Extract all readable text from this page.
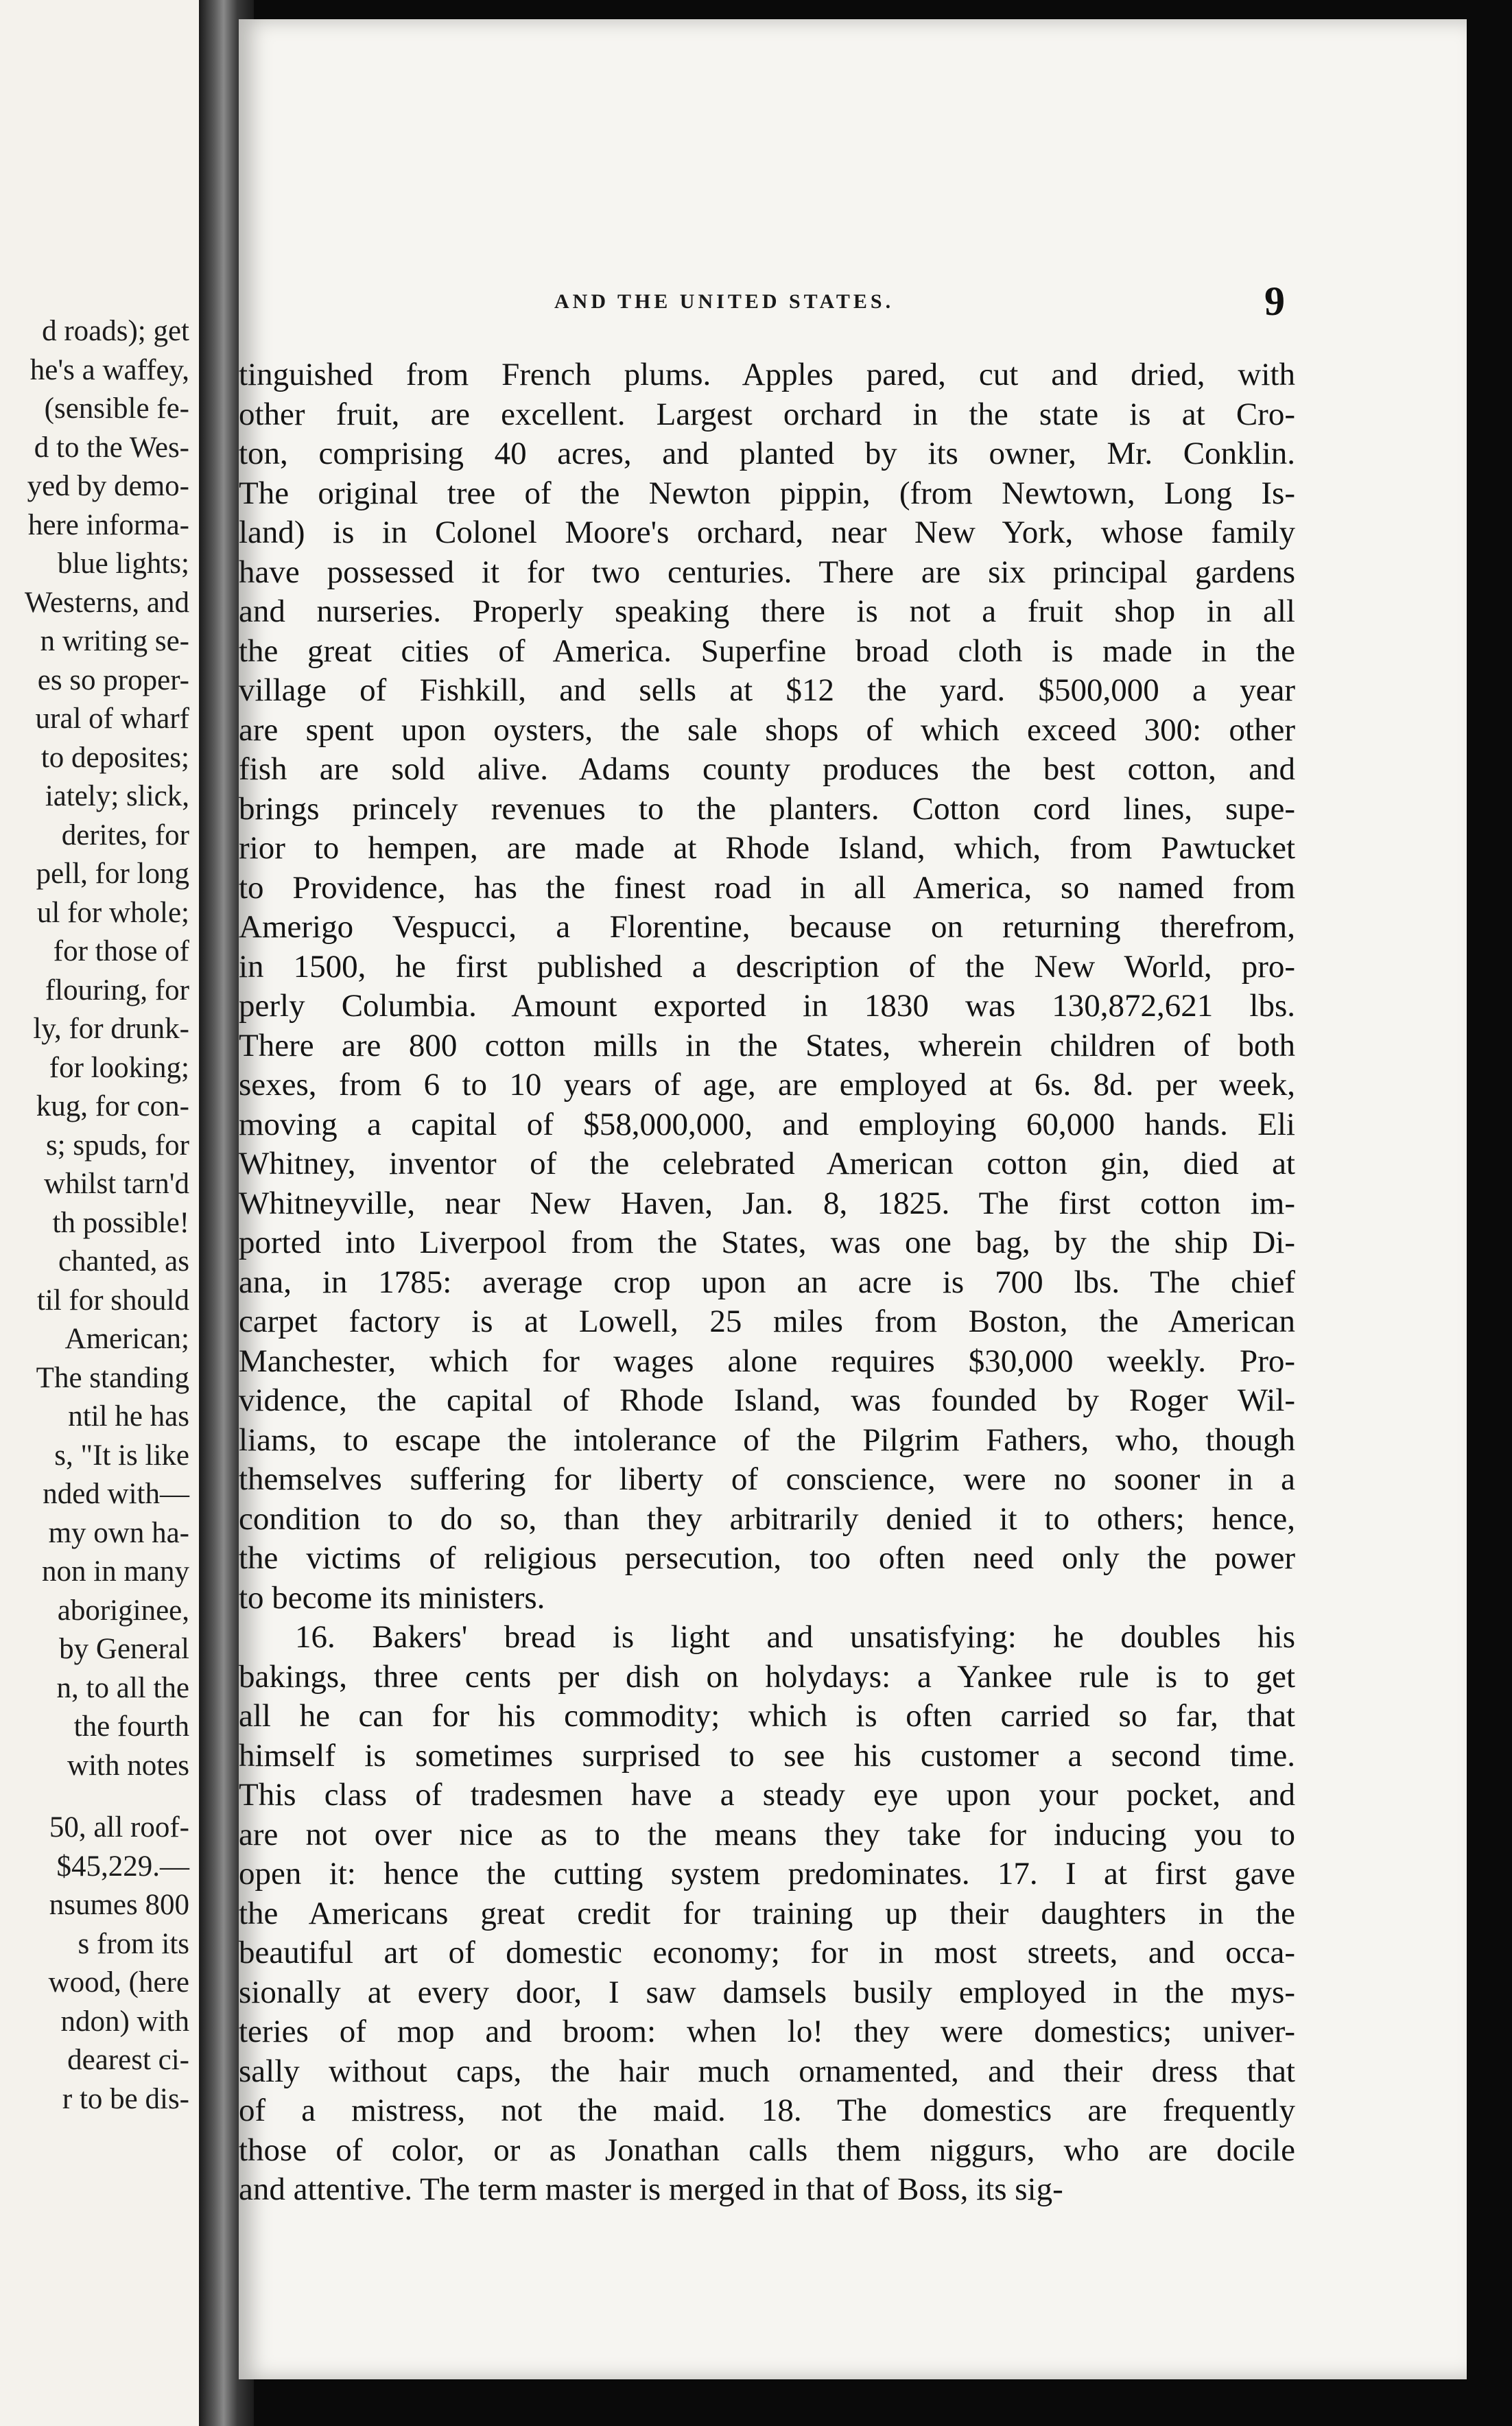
d roads); get
he's a waffey,
(sensible fe-
d to the Wes-
yed by demo-
here informa-
blue lights;
Westerns, and
n writing se-
es so proper-
ural of wharf
to deposites;
iately; slick,
derites, for
pell, for long
ul for whole;
for those of
flouring, for
ly, for drunk-
for looking;
kug, for con-
s; spuds, for
whilst tarn'd
th possible!
chanted, as
til for should
American;
The standing
ntil he has
s, "It is like
nded with—
my own ha-
non in many
aboriginee,
by General
n, to all the
the fourth
with notes
50, all roof-
$45,229.—
nsumes 800
s from its
wood, (here
ndon) with
dearest ci-
r to be dis-
AND THE UNITED STATES.	9
tinguished from French plums. Apples pared, cut and dried, with
other fruit, are excellent. Largest orchard in the state is at Cro-
ton, comprising 40 acres, and planted by its owner, Mr. Conklin.
The original tree of the Newton pippin, (from Newtown, Long Is-
land) is in Colonel Moore's orchard, near New York, whose family
have possessed it for two centuries. There are six principal gardens
and nurseries. Properly speaking there is not a fruit shop in all
the great cities of America. Superfine broad cloth is made in the
village of Fishkill, and sells at $12 the yard. $500,000 a year
are spent upon oysters, the sale shops of which exceed 300: other
fish are sold alive. Adams county produces the best cotton, and
brings princely revenues to the planters. Cotton cord lines, supe-
rior to hempen, are made at Rhode Island, which, from Pawtucket
to Providence, has the finest road in all America, so named from
Amerigo Vespucci, a Florentine, because on returning therefrom,
in 1500, he first published a description of the New World, pro-
perly Columbia. Amount exported in 1830 was 130,872,621 lbs.
There are 800 cotton mills in the States, wherein children of both
sexes, from 6 to 10 years of age, are employed at 6s. 8d. per week,
moving a capital of $58,000,000, and employing 60,000 hands. Eli
Whitney, inventor of the celebrated American cotton gin, died at
Whitneyville, near New Haven, Jan. 8, 1825. The first cotton im-
ported into Liverpool from the States, was one bag, by the ship Di-
ana, in 1785: average crop upon an acre is 700 lbs. The chief
carpet factory is at Lowell, 25 miles from Boston, the American
Manchester, which for wages alone requires $30,000 weekly. Pro-
vidence, the capital of Rhode Island, was founded by Roger Wil-
liams, to escape the intolerance of the Pilgrim Fathers, who, though
themselves suffering for liberty of conscience, were no sooner in a
condition to do so, than they arbitrarily denied it to others; hence,
the victims of religious persecution, too often need only the power
to become its ministers.
16. Bakers' bread is light and unsatisfying: he doubles his
bakings, three cents per dish on holydays: a Yankee rule is to get
all he can for his commodity; which is often carried so far, that
himself is sometimes surprised to see his customer a second time.
This class of tradesmen have a steady eye upon your pocket, and
are not over nice as to the means they take for inducing you to
open it: hence the cutting system predominates. 17. I at first gave
the Americans great credit for training up their daughters in the
beautiful art of domestic economy; for in most streets, and occa-
sionally at every door, I saw damsels busily employed in the mys-
teries of mop and broom: when lo! they were domestics; univer-
sally without caps, the hair much ornamented, and their dress that
of a mistress, not the maid. 18. The domestics are frequently
those of color, or as Jonathan calls them niggurs, who are docile
and attentive. The term master is merged in that of Boss, its sig-
